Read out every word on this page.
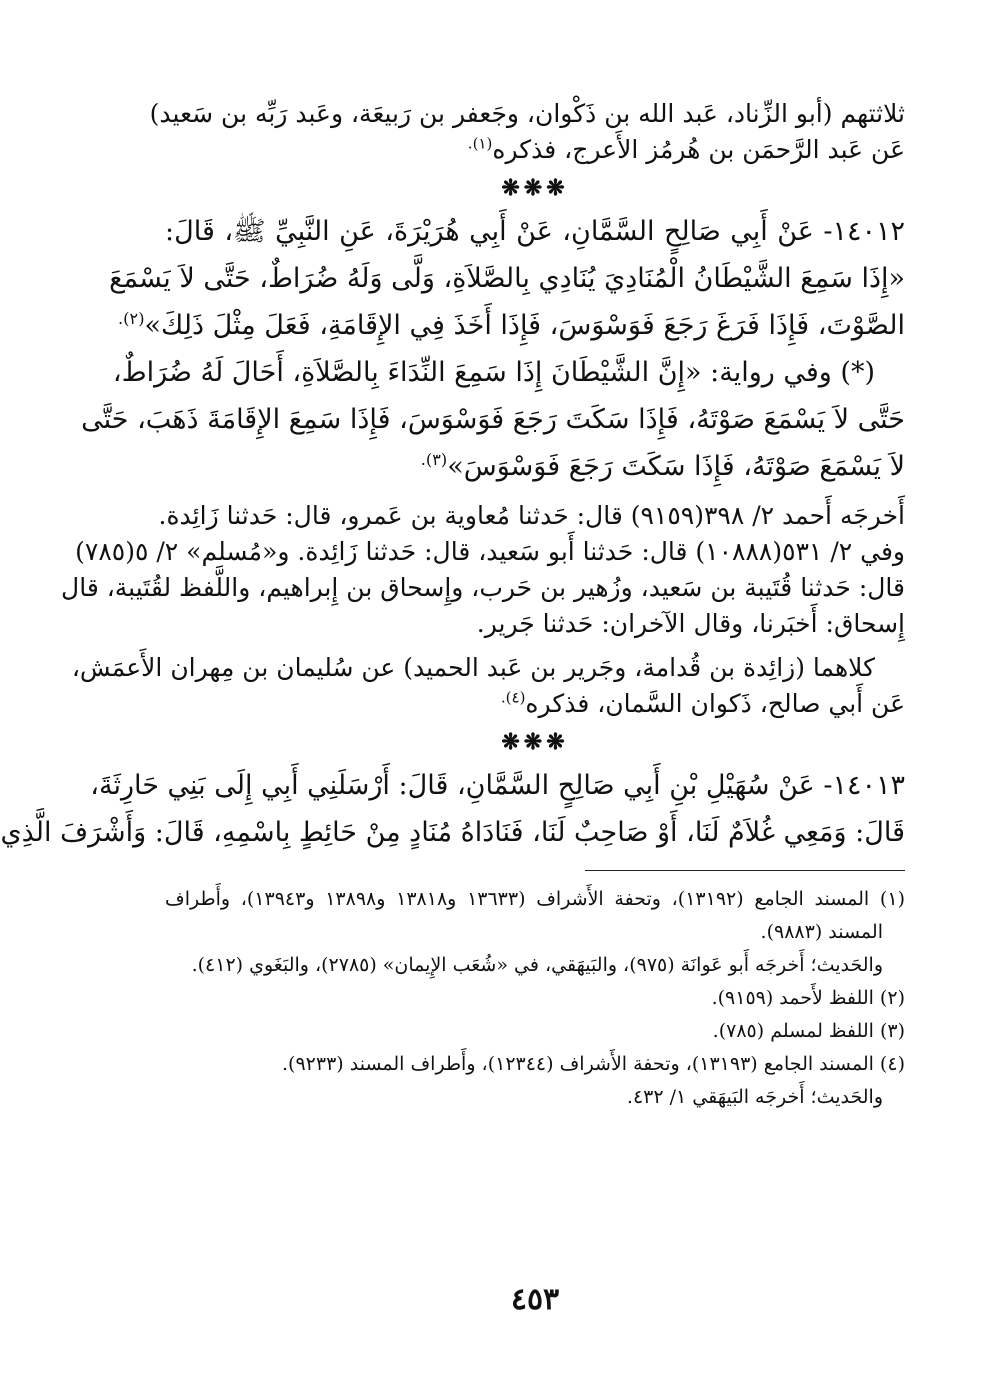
ثلاثتهم (أبو الزِّناد، عَبد الله بن ذَكْوان، وجَعفر بن رَبيعَة، وعَبد رَبِّه بن سَعيد)
عَن عَبد الرَّحمَن بن هُرمُز الأَعرج، فذكره$^{(١).}$
❋❋❋
١٤٠١٢- عَنْ أَبِي صَالِحٍ السَّمَّانِ، عَنْ أَبِي هُرَيْرَةَ، عَنِ النَّبِيِّ ﷺ، قَالَ:
«إِذَا سَمِعَ الشَّيْطَانُ الْمُنَادِيَ يُنَادِي بِالصَّلاَةِ، وَلَّى وَلَهُ ضُرَاطٌ، حَتَّى لاَ يَسْمَعَ
الصَّوْتَ، فَإِذَا فَرَغَ رَجَعَ فَوَسْوَسَ، فَإِذَا أَخَذَ فِي الإِقَامَةِ، فَعَلَ مِثْلَ ذَلِكَ»$^{(٢).}$
(*) وفي رواية: «إِنَّ الشَّيْطَانَ إِذَا سَمِعَ النِّدَاءَ بِالصَّلاَةِ، أَحَالَ لَهُ ضُرَاطٌ،
حَتَّى لاَ يَسْمَعَ صَوْتَهُ، فَإِذَا سَكَتَ رَجَعَ فَوَسْوَسَ، فَإِذَا سَمِعَ الإِقَامَةَ ذَهَبَ، حَتَّى
لاَ يَسْمَعَ صَوْتَهُ، فَإِذَا سَكَتَ رَجَعَ فَوَسْوَسَ»$^{(٣).}$
أَخرجَه أَحمد ٢/ ٣٩٨(٩١٥٩) قال: حَدثنا مُعاوية بن عَمرو، قال: حَدثنا زَائِدة.
وفي ٢/ ٥٣١(١٠٨٨٨) قال: حَدثنا أَبو سَعيد، قال: حَدثنا زَائِدة. و«مُسلم» ٢/ ٥(٧٨٥)
قال: حَدثنا قُتَيبة بن سَعيد، وزُهير بن حَرب، وإِسحاق بن إِبراهيم، واللَّفظ لقُتَيبة، قال
إِسحاق: أَخبَرنا، وقال الآخران: حَدثنا جَرير.
كلاهما (زائِدة بن قُدامة، وجَرير بن عَبد الحميد) عن سُليمان بن مِهران الأَعمَش،
عَن أَبي صالح، ذَكوان السَّمان، فذكره$^{(٤).}$
❋❋❋
١٤٠١٣- عَنْ سُهَيْلِ بْنِ أَبِي صَالِحٍ السَّمَّانِ، قَالَ: أَرْسَلَنِي أَبِي إِلَى بَنِي حَارِثَةَ،
قَالَ: وَمَعِي غُلاَمٌ لَنَا، أَوْ صَاحِبٌ لَنَا، فَنَادَاهُ مُنَادٍ مِنْ حَائِطٍ بِاسْمِهِ، قَالَ: وَأَشْرَفَ الَّذِي
(١) المسند الجامع (١٣١٩٢)، وتحفة الأَشراف (١٣٦٣٣ و١٣٨١٨ و١٣٨٩٨ و١٣٩٤٣)، وأَطراف
المسند (٩٨٨٣).
والحَديث؛ أَخرجَه أَبو عَوانَة (٩٧٥)، والبَيهَقي، في «شُعَب الإِيمان» (٢٧٨٥)، والبَغَوي (٤١٢).
(٢) اللفظ لأَحمد (٩١٥٩).
(٣) اللفظ لمسلم (٧٨٥).
(٤) المسند الجامع (١٣١٩٣)، وتحفة الأَشراف (١٢٣٤٤)، وأَطراف المسند (٩٢٣٣).
والحَديث؛ أَخرجَه البَيهَقي ١/ ٤٣٢.
٤٥٣
